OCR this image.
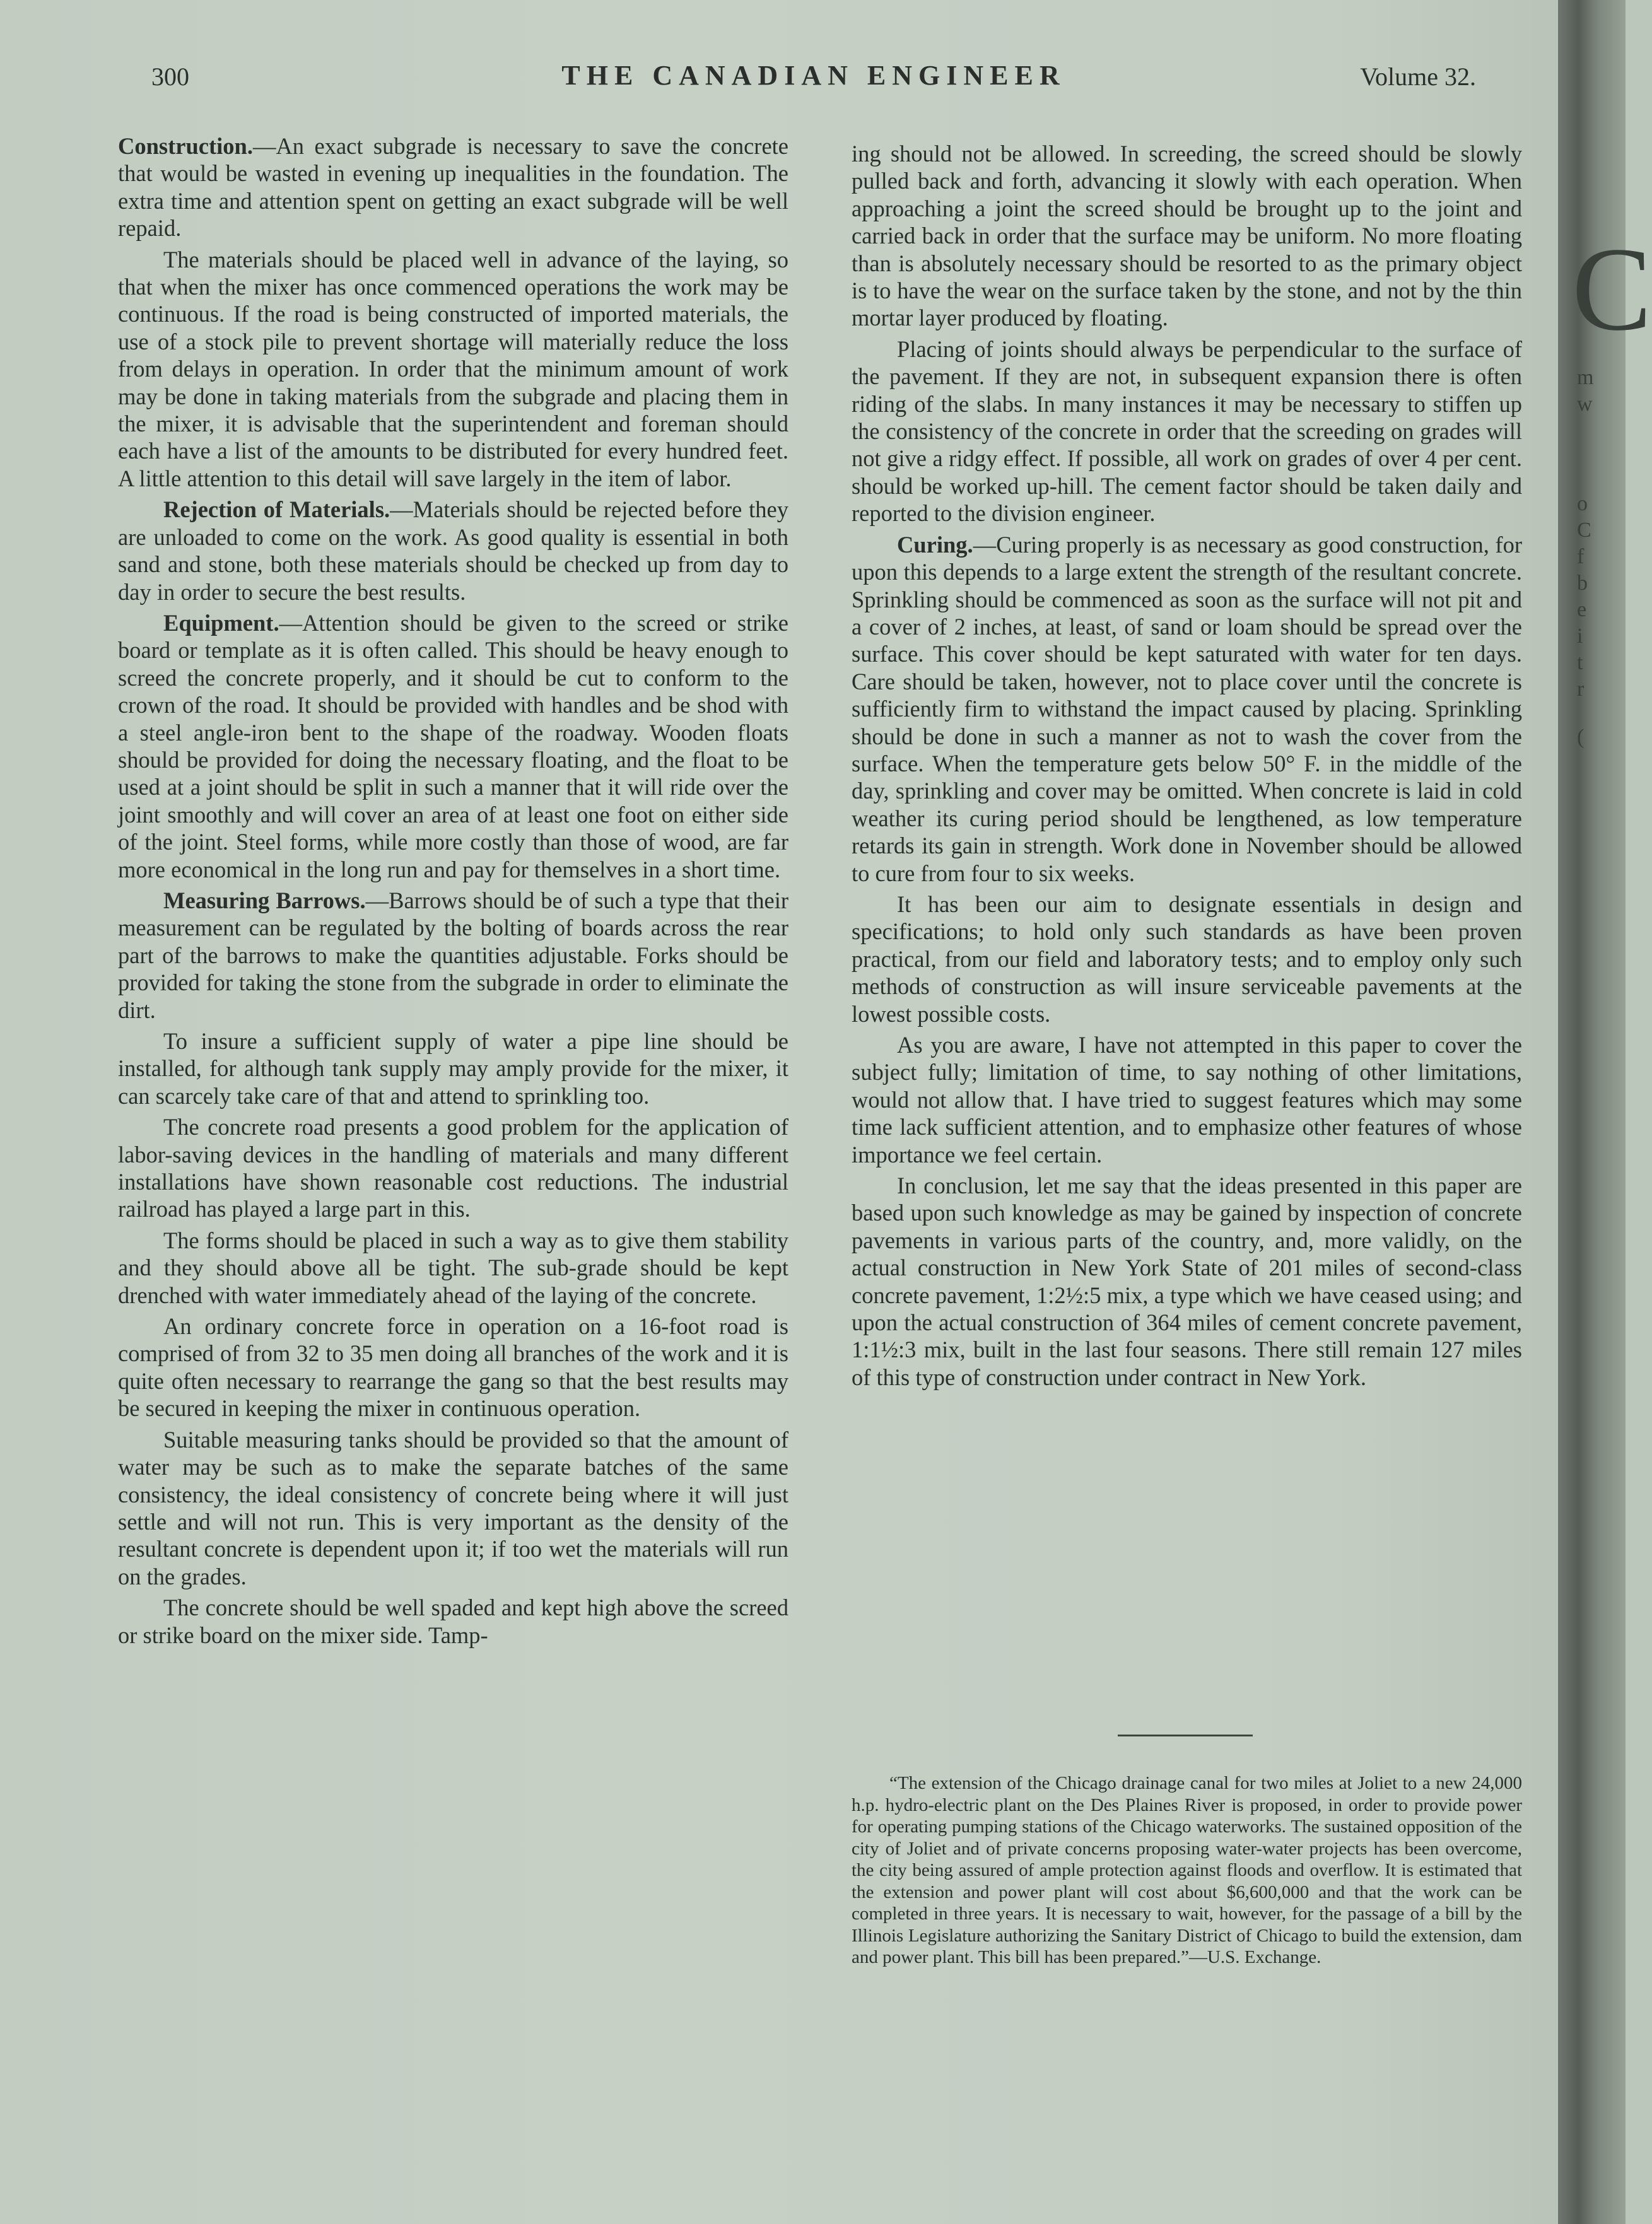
C
m
w
o
C
f
b
e
i
t
r
(
300	THE CANADIAN ENGINEER	Volume 32.

Construction.—An exact subgrade is necessary to save the concrete that would be wasted in evening up inequalities in the foundation. The extra time and attention spent on getting an exact subgrade will be well repaid.

The materials should be placed well in advance of the laying, so that when the mixer has once commenced operations the work may be continuous. If the road is being constructed of imported materials, the use of a stock pile to prevent shortage will materially reduce the loss from delays in operation. In order that the minimum amount of work may be done in taking materials from the subgrade and placing them in the mixer, it is advisable that the superintendent and foreman should each have a list of the amounts to be distributed for every hundred feet. A little attention to this detail will save largely in the item of labor.

Rejection of Materials.—Materials should be rejected before they are unloaded to come on the work. As good quality is essential in both sand and stone, both these materials should be checked up from day to day in order to secure the best results.

Equipment.—Attention should be given to the screed or strike board or template as it is often called. This should be heavy enough to screed the concrete properly, and it should be cut to conform to the crown of the road. It should be provided with handles and be shod with a steel angle-iron bent to the shape of the roadway. Wooden floats should be provided for doing the necessary floating, and the float to be used at a joint should be split in such a manner that it will ride over the joint smoothly and will cover an area of at least one foot on either side of the joint. Steel forms, while more costly than those of wood, are far more economical in the long run and pay for themselves in a short time.

Measuring Barrows.—Barrows should be of such a type that their measurement can be regulated by the bolting of boards across the rear part of the barrows to make the quantities adjustable. Forks should be provided for taking the stone from the subgrade in order to eliminate the dirt.

To insure a sufficient supply of water a pipe line should be installed, for although tank supply may amply provide for the mixer, it can scarcely take care of that and attend to sprinkling too.

The concrete road presents a good problem for the application of labor-saving devices in the handling of materials and many different installations have shown reasonable cost reductions. The industrial railroad has played a large part in this.

The forms should be placed in such a way as to give them stability and they should above all be tight. The sub-grade should be kept drenched with water immediately ahead of the laying of the concrete.

An ordinary concrete force in operation on a 16-foot road is comprised of from 32 to 35 men doing all branches of the work and it is quite often necessary to rearrange the gang so that the best results may be secured in keeping the mixer in continuous operation.

Suitable measuring tanks should be provided so that the amount of water may be such as to make the separate batches of the same consistency, the ideal consistency of concrete being where it will just settle and will not run. This is very important as the density of the resultant concrete is dependent upon it; if too wet the materials will run on the grades.

The concrete should be well spaded and kept high above the screed or strike board on the mixer side. Tamp-

ing should not be allowed. In screeding, the screed should be slowly pulled back and forth, advancing it slowly with each operation. When approaching a joint the screed should be brought up to the joint and carried back in order that the surface may be uniform. No more floating than is absolutely necessary should be resorted to as the primary object is to have the wear on the surface taken by the stone, and not by the thin mortar layer produced by floating.

Placing of joints should always be perpendicular to the surface of the pavement. If they are not, in subsequent expansion there is often riding of the slabs. In many instances it may be necessary to stiffen up the consistency of the concrete in order that the screeding on grades will not give a ridgy effect. If possible, all work on grades of over 4 per cent. should be worked up-hill. The cement factor should be taken daily and reported to the division engineer.

Curing.—Curing properly is as necessary as good construction, for upon this depends to a large extent the strength of the resultant concrete. Sprinkling should be commenced as soon as the surface will not pit and a cover of 2 inches, at least, of sand or loam should be spread over the surface. This cover should be kept saturated with water for ten days. Care should be taken, however, not to place cover until the concrete is sufficiently firm to withstand the impact caused by placing. Sprinkling should be done in such a manner as not to wash the cover from the surface. When the temperature gets below 50° F. in the middle of the day, sprinkling and cover may be omitted. When concrete is laid in cold weather its curing period should be lengthened, as low temperature retards its gain in strength. Work done in November should be allowed to cure from four to six weeks.

It has been our aim to designate essentials in design and specifications; to hold only such standards as have been proven practical, from our field and laboratory tests; and to employ only such methods of construction as will insure serviceable pavements at the lowest possible costs.

As you are aware, I have not attempted in this paper to cover the subject fully; limitation of time, to say nothing of other limitations, would not allow that. I have tried to suggest features which may some time lack sufficient attention, and to emphasize other features of whose importance we feel certain.

In conclusion, let me say that the ideas presented in this paper are based upon such knowledge as may be gained by inspection of concrete pavements in various parts of the country, and, more validly, on the actual construction in New York State of 201 miles of second-class concrete pavement, 1:2½:5 mix, a type which we have ceased using; and upon the actual construction of 364 miles of cement concrete pavement, 1:1½:3 mix, built in the last four seasons. There still remain 127 miles of this type of construction under contract in New York.

“The extension of the Chicago drainage canal for two miles at Joliet to a new 24,000 h.p. hydro-electric plant on the Des Plaines River is proposed, in order to provide power for operating pumping stations of the Chicago waterworks. The sustained opposition of the city of Joliet and of private concerns proposing water-water projects has been overcome, the city being assured of ample protection against floods and overflow. It is estimated that the extension and power plant will cost about $6,600,000 and that the work can be completed in three years. It is necessary to wait, however, for the passage of a bill by the Illinois Legislature authorizing the Sanitary District of Chicago to build the extension, dam and power plant. This bill has been prepared.”—U.S. Exchange.
